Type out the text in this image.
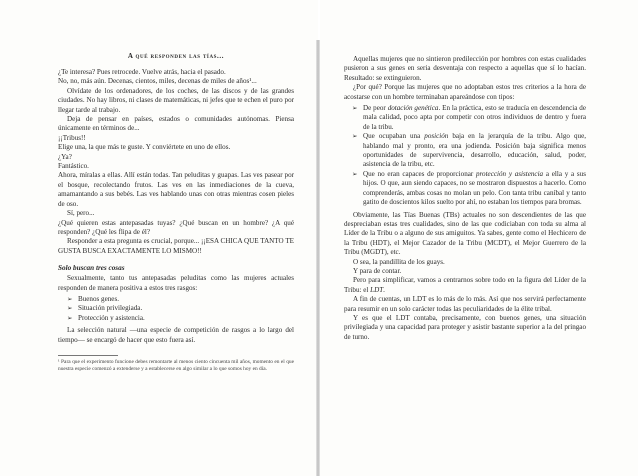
A qué responden las tías...

¿Te interesa? Pues retrocede. Vuelve atrás, hacia el pasado.

No, no, más aún. Decenas, cientos, miles, decenas de miles de años¹...

Olvídate de los ordenadores, de los coches, de las discos y de las grandes ciudades. No hay libros, ni clases de matemáticas, ni jefes que te echen el puro por llegar tarde al trabajo.

Deja de pensar en países, estados o comunidades autónomas. Piensa únicamente en términos de...

¡¡Tribus!!

Elige una, la que más te guste. Y conviértete en uno de ellos.

¿Ya?

Fantástico.

Ahora, míralas a ellas. Allí están todas. Tan peluditas y guapas. Las ves pasear por el bosque, recolectando frutos. Las ves en las inmediaciones de la cueva, amamantando a sus bebés. Las ves hablando unas con otras mientras cosen pieles de oso.

Sí, pero...

¿Qué quieren estas antepasadas tuyas? ¿Qué buscan en un hombre? ¿A qué responden? ¿Qué les flipa de él?

Responder a esta pregunta es crucial, porque... ¡¡ESA CHICA QUE TANTO TE GUSTA BUSCA EXACTAMENTE LO MISMO!!

Solo buscan tres cosas

Sexualmente, tanto tus antepasadas peluditas como las mujeres actuales responden de manera positiva a estos tres rasgos:

➢ Buenos genes.
➢ Situación privilegiada.
➢ Protección y asistencia.

La selección natural —una especie de competición de rasgos a lo largo del tiempo— se encargó de hacer que esto fuera así.

¹ Para que el experimento funcione debes remontarte al menos ciento cincuenta mil años, momento en el que nuestra especie comenzó a extenderse y a establecerse en algo similar a lo que somos hoy en día.

Aquellas mujeres que no sintieron predilección por hombres con estas cualidades pusieron a sus genes en seria desventaja con respecto a aquellas que sí lo hacían. Resultado: se extinguieron.

¿Por qué? Porque las mujeres que no adoptaban estos tres criterios a la hora de acostarse con un hombre terminaban apareándose con tipos:

➢ De peor dotación genética. En la práctica, esto se traducía en descendencia de mala calidad, poco apta por competir con otros individuos de dentro y fuera de la tribu.
➢ Que ocupaban una posición baja en la jerarquía de la tribu. Algo que, hablando mal y pronto, era una jodienda. Posición baja significa menos oportunidades de supervivencia, desarrollo, educación, salud, poder, asistencia de la tribu, etc.
➢ Que no eran capaces de proporcionar protección y asistencia a ella y a sus hijos. O que, aun siendo capaces, no se mostraron dispuestos a hacerlo. Como comprenderás, ambas cosas no molan un pelo. Con tanta tribu caníbal y tanto gatito de doscientos kilos suelto por ahí, no estaban los tiempos para bromas.

Obviamente, las Tías Buenas (TBs) actuales no son descendientes de las que despreciaban estas tres cualidades, sino de las que codiciaban con toda su alma al Líder de la Tribu o a alguno de sus amiguitos. Ya sabes, gente como el Hechicero de la Tribu (HDT), el Mejor Cazador de la Tribu (MCDT), el Mejor Guerrero de la Tribu (MGDT), etc.

O sea, la pandillita de los guays.

Y para de contar.

Pero para simplificar, vamos a centrarnos sobre todo en la figura del Líder de la Tribu: el LDT.

A fin de cuentas, un LDT es lo más de lo más. Así que nos servirá perfectamente para resumir en un solo carácter todas las peculiaridades de la élite tribal.

Y es que el LDT contaba, precisamente, con buenos genes, una situación privilegiada y una capacidad para proteger y asistir bastante superior a la del pringao de turno.
